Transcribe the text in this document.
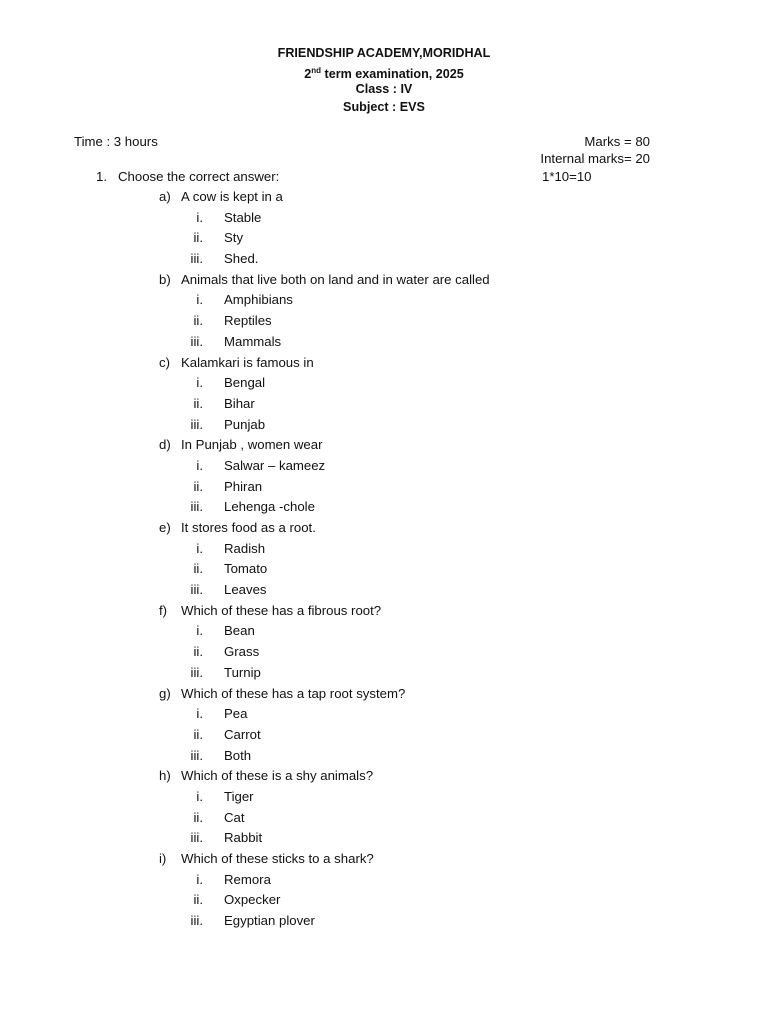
FRIENDSHIP ACADEMY,MORIDHAL
2nd term examination, 2025
Class : IV
Subject : EVS
Time : 3 hours	Marks = 80
Internal marks= 20
1. Choose the correct answer:	1*10=10
a) A cow is kept in a
i. Stable
ii. Sty
iii. Shed.
b) Animals that live both on land and in water are called
i. Amphibians
ii. Reptiles
iii. Mammals
c) Kalamkari is famous in
i. Bengal
ii. Bihar
iii. Punjab
d) In Punjab , women wear
i. Salwar – kameez
ii. Phiran
iii. Lehenga -chole
e) It stores food as a root.
i. Radish
ii. Tomato
iii. Leaves
f)	Which of these has a fibrous root?
i. Bean
ii. Grass
iii. Turnip
g) Which of these has a tap root system?
i. Pea
ii. Carrot
iii. Both
h) Which of these is a shy animals?
i. Tiger
ii. Cat
iii. Rabbit
i)	Which of these sticks to a shark?
i. Remora
ii. Oxpecker
iii. Egyptian plover
